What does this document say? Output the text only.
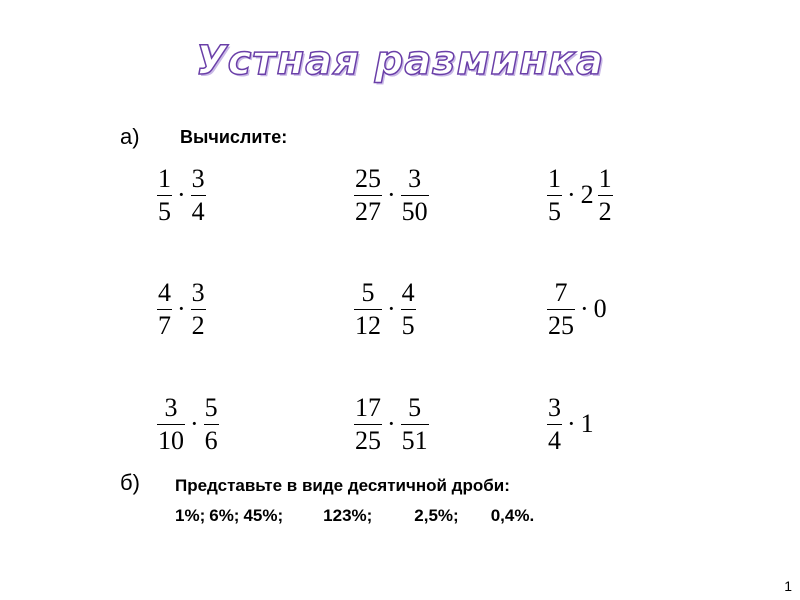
Устная разминка
а) Вычислите:
$\frac{1}{5} \cdot \frac{3}{4}$	$\frac{25}{27} \cdot \frac{3}{50}$	$\frac{1}{5} \cdot 2 \frac{1}{2}$
$\frac{4}{7} \cdot \frac{3}{2}$	$\frac{5}{12} \cdot \frac{4}{5}$	$\frac{7}{25} \cdot 0$
$\frac{3}{10} \cdot \frac{5}{6}$	$\frac{17}{25} \cdot \frac{5}{51}$	$\frac{3}{4} \cdot 1$
б) Представьте в виде десятичной дроби:
1%; 6%; 45%; 123%; 2,5%; 0,4%.
1
